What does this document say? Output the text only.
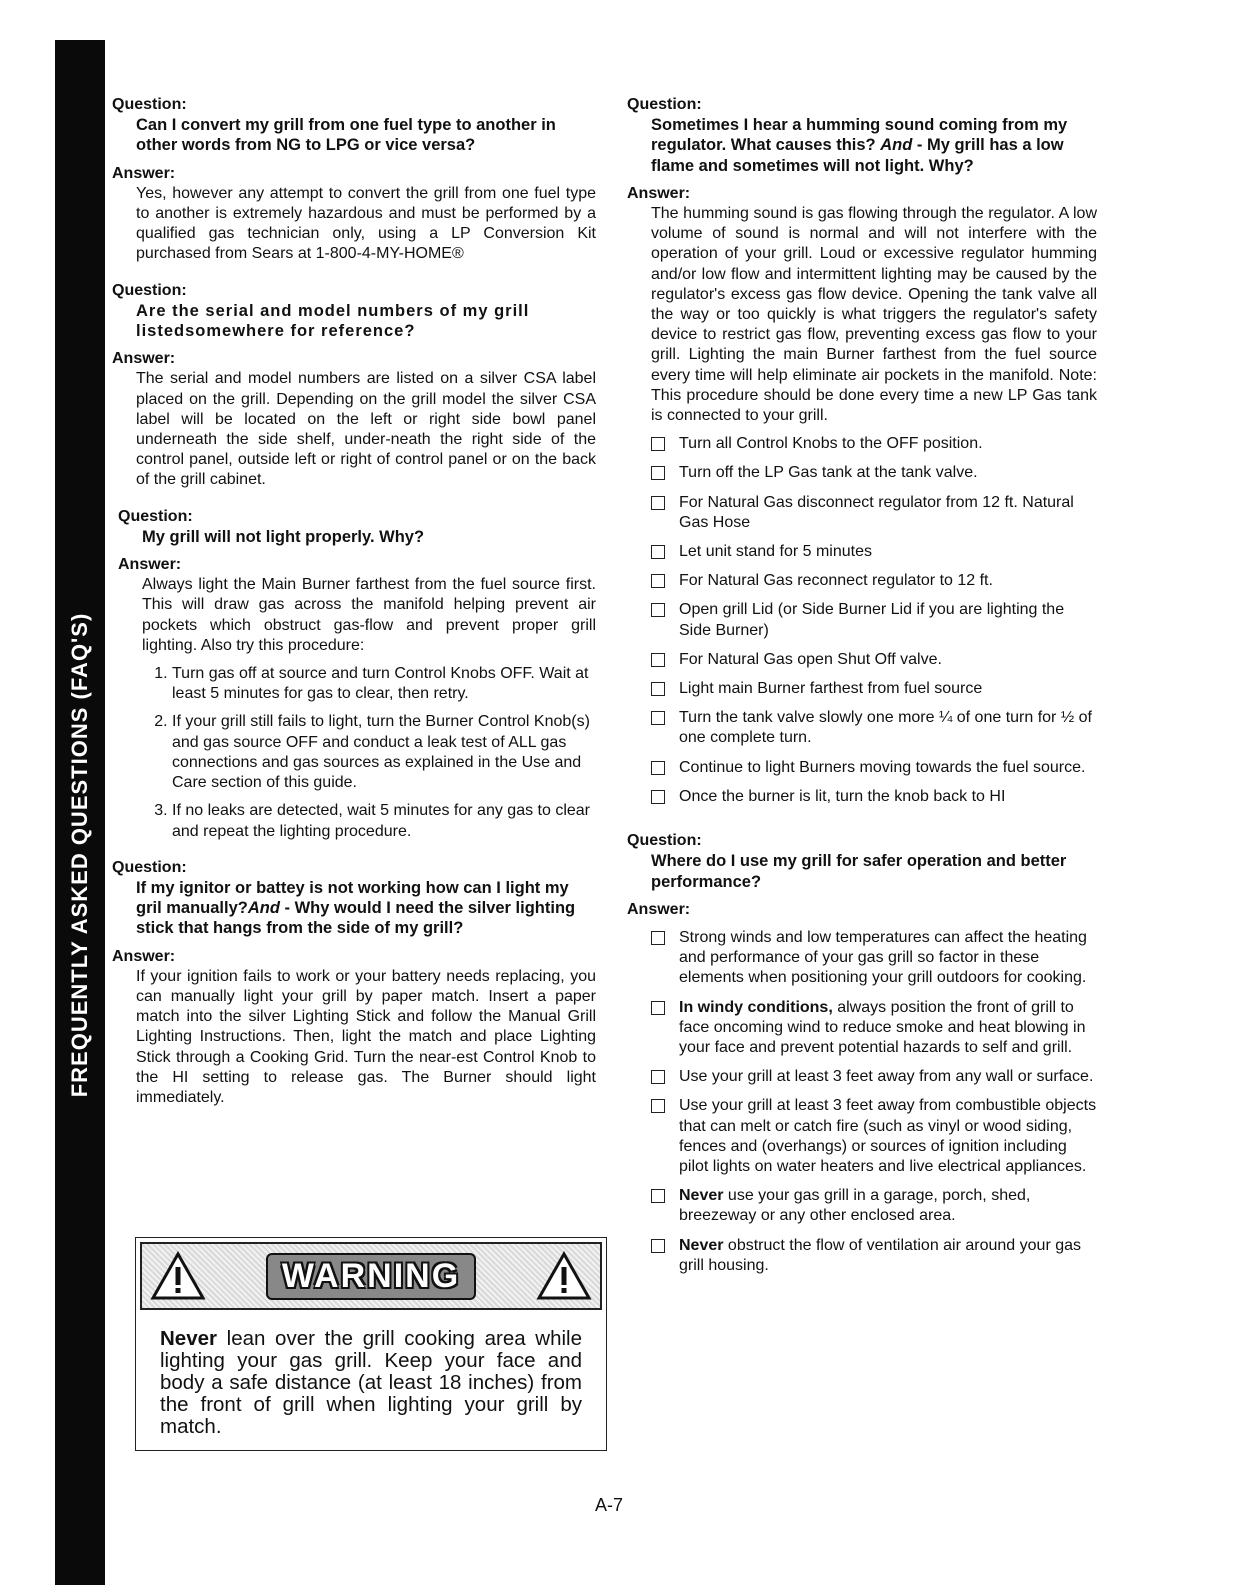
FREQUENTLY ASKED QUESTIONS (FAQ'S)

Question:

Can I convert my grill from one fuel type to another in other words from NG to LPG or vice versa?

Answer:

Yes, however any attempt to convert the grill from one fuel type to another is extremely hazardous and must be performed by a qualified gas technician only, using a LP Conversion Kit purchased from Sears at 1-800-4-MY-HOME®

Question:

Are the serial and model numbers of my grill listedsomewhere for reference?

Answer:

The serial and model numbers are listed on a silver CSA label placed on the grill. Depending on the grill model the silver CSA label will be located on the left or right side bowl panel underneath the side shelf, under-neath the right side of the control panel, outside left or right of control panel or on the back of the grill cabinet.

Question:

My grill will not light properly. Why?

Answer:

Always light the Main Burner farthest from the fuel source first. This will draw gas across the manifold helping prevent air pockets which obstruct gas-flow and prevent proper grill lighting. Also try this procedure:

1. Turn gas off at source and turn Control Knobs OFF. Wait at least 5 minutes for gas to clear, then retry.
2. If your grill still fails to light, turn the Burner Control Knob(s) and gas source OFF and conduct a leak test of ALL gas connections and gas sources as explained in the Use and Care section of this guide.
3. If no leaks are detected, wait 5 minutes for any gas to clear and repeat the lighting procedure.

Question:

If my ignitor or battey is not working how can I light my gril manually?And - Why would I need the silver lighting stick that hangs from the side of my grill?

Answer:

If your ignition fails to work or your battery needs replacing, you can manually light your grill by paper match. Insert a paper match into the silver Lighting Stick and follow the Manual Grill Lighting Instructions. Then, light the match and place Lighting Stick through a Cooking Grid. Turn the near-est Control Knob to the HI setting to release gas. The Burner should light immediately.

WARNING
Never lean over the grill cooking area while lighting your gas grill. Keep your face and body a safe distance (at least 18 inches) from the front of grill when lighting your grill by match.

Question:

Sometimes I hear a humming sound coming from my regulator. What causes this? And - My grill has a low flame and sometimes will not light. Why?

Answer:

The humming sound is gas flowing through the regulator. A low volume of sound is normal and will not interfere with the operation of your grill. Loud or excessive regulator humming and/or low flow and intermittent lighting may be caused by the regulator's excess gas flow device. Opening the tank valve all the way or too quickly is what triggers the regulator's safety device to restrict gas flow, preventing excess gas flow to your grill. Lighting the main Burner farthest from the fuel source every time will help eliminate air pockets in the manifold. Note: This procedure should be done every time a new LP Gas tank is connected to your grill.

Turn all Control Knobs to the OFF position.
Turn off the LP Gas tank at the tank valve.
For Natural Gas disconnect regulator from 12 ft. Natural Gas Hose
Let unit stand for 5 minutes
For Natural Gas reconnect regulator to 12 ft.
Open grill Lid (or Side Burner Lid if you are lighting the Side Burner)
For Natural Gas open Shut Off valve.
Light main Burner farthest from fuel source
Turn the tank valve slowly one more ¼ of one turn for ½ of one complete turn.
Continue to light Burners moving towards the fuel source.
Once the burner is lit, turn the knob back to HI

Question:

Where do I use my grill for safer operation and better performance?

Answer:

Strong winds and low temperatures can affect the heating and performance of your gas grill so factor in these elements when positioning your grill outdoors for cooking.
In windy conditions, always position the front of grill to face oncoming wind to reduce smoke and heat blowing in your face and prevent potential hazards to self and grill.
Use your grill at least 3 feet away from any wall or surface.
Use your grill at least 3 feet away from combustible objects that can melt or catch fire (such as vinyl or wood siding, fences and (overhangs) or sources of ignition including pilot lights on water heaters and live electrical appliances.
Never use your gas grill in a garage, porch, shed, breezeway or any other enclosed area.
Never obstruct the flow of ventilation air around your gas grill housing.
A-7
